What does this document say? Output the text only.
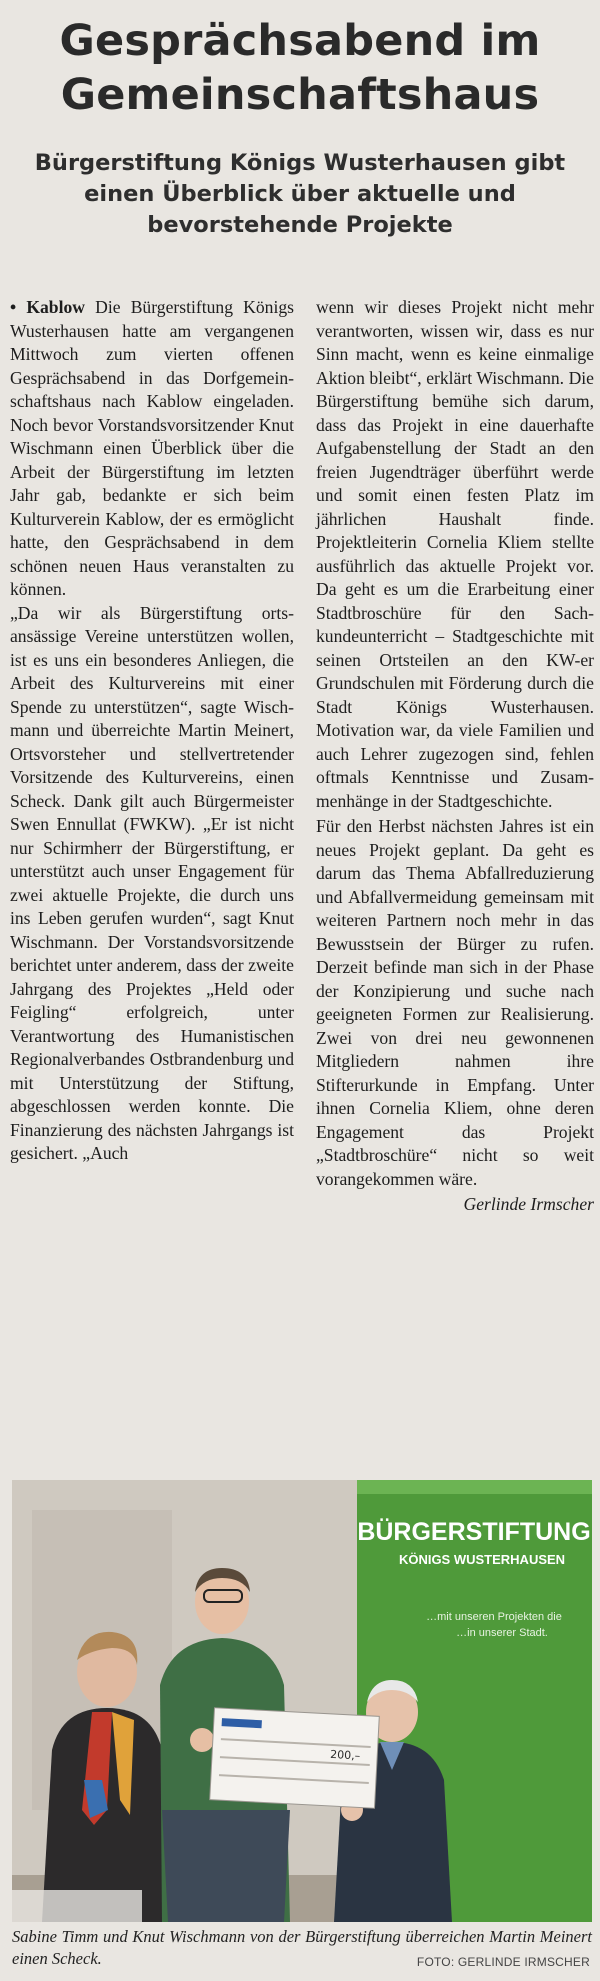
Gesprächsabend im
Gemeinschaftshaus
Bürgerstiftung Königs Wusterhausen gibt
einen Überblick über aktuelle und
bevorstehende Projekte

• Kablow Die Bürgerstiftung Königs Wusterhausen hatte am vergangenen Mittwoch zum vierten offenen Gesprächsabend in das Dorfgemeinschaftshaus nach Kablow eingeladen. Noch bevor Vorstandsvorsitzender Knut Wischmann einen Überblick über die Arbeit der Bürgerstiftung im letzten Jahr gab, bedankte er sich beim Kulturverein Kablow, der es ermöglicht hatte, den Gesprächsabend in dem schönen neuen Haus veranstalten zu können.

„Da wir als Bürgerstiftung ortsansässige Vereine unterstützen wollen, ist es uns ein besonderes Anliegen, die Arbeit des Kulturvereins mit einer Spende zu unterstützen“, sagte Wischmann und überreichte Martin Meinert, Ortsvorsteher und stellvertretender Vorsitzende des Kulturvereins, einen Scheck. Dank gilt auch Bürgermeister Swen Ennullat (FWKW). „Er ist nicht nur Schirmherr der Bürgerstiftung, er unterstützt auch unser Engagement für zwei aktuelle Projekte, die durch uns ins Leben gerufen wurden“, sagt Knut Wischmann. Der Vorstandsvorsitzende berichtet unter anderem, dass der zweite Jahrgang des Projektes „Held oder Feigling“ erfolgreich, unter Verantwortung des Humanistischen Regionalverbandes Ostbrandenburg und mit Unterstützung der Stiftung, abgeschlossen werden konnte. Die Finanzierung des nächsten Jahrgangs ist gesichert. „Auch

wenn wir dieses Projekt nicht mehr verantworten, wissen wir, dass es nur Sinn macht, wenn es keine einmalige Aktion bleibt“, erklärt Wischmann. Die Bürgerstiftung bemühe sich darum, dass das Projekt in eine dauerhafte Aufgabenstellung der Stadt an den freien Jugendträger überführt werde und somit einen festen Platz im jährlichen Haushalt finde. Projektleiterin Cornelia Kliem stellte ausführlich das aktuelle Projekt vor. Da geht es um die Erarbeitung einer Stadtbroschüre für den Sachkundeunterricht – Stadtgeschichte mit seinen Ortsteilen an den KW-er Grundschulen mit Förderung durch die Stadt Königs Wusterhausen. Motivation war, da viele Familien und auch Lehrer zugezogen sind, fehlen oftmals Kenntnisse und Zusammenhänge in der Stadtgeschichte.

Für den Herbst nächsten Jahres ist ein neues Projekt geplant. Da geht es darum das Thema Abfallreduzierung und Abfallvermeidung gemeinsam mit weiteren Partnern noch mehr in das Bewusstsein der Bürger zu rufen. Derzeit befinde man sich in der Phase der Konzipierung und suche nach geeigneten Formen zur Realisierung. Zwei von drei neu gewonnenen Mitgliedern nahmen ihre Stifterurkunde in Empfang. Unter ihnen Cornelia Kliem, ohne deren Engagement das Projekt „Stadtbroschüre“ nicht so weit vorangekommen wäre.

Gerlinde Irmscher

BÜRGERSTIFTUNG
KÖNIGS WUSTERHAUSEN
…mit unseren Projekten die
…in unserer Stadt.
200,–

Sabine Timm und Knut Wischmann von der Bürgerstiftung überreichen Martin Meinert einen Scheck.	FOTO: GERLINDE IRMSCHER
